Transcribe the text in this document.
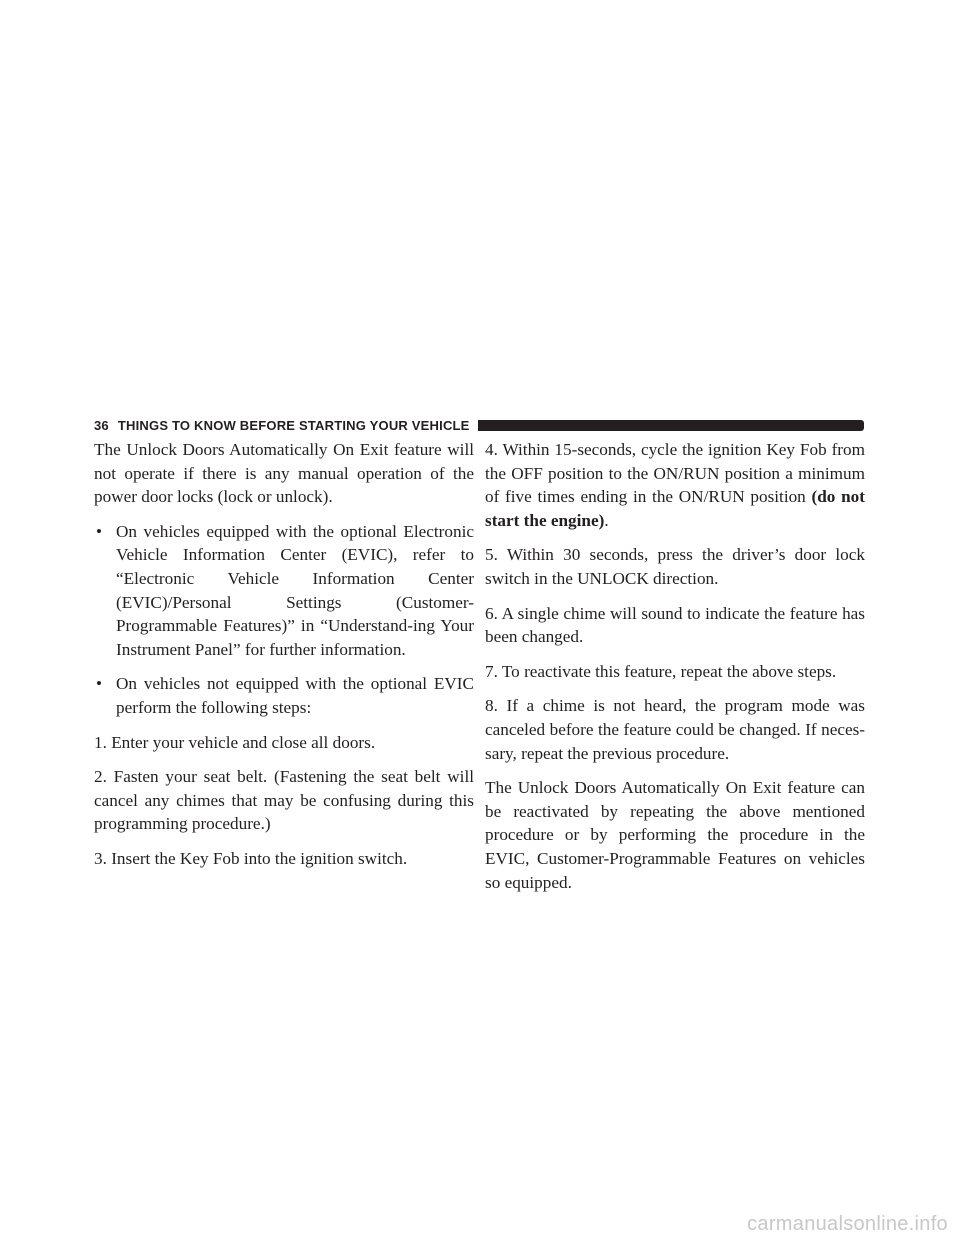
36 THINGS TO KNOW BEFORE STARTING YOUR VEHICLE

The Unlock Doors Automatically On Exit feature will not operate if there is any manual operation of the power door locks (lock or unlock).

• On vehicles equipped with the optional Electronic Vehicle Information Center (EVIC), refer to “Electronic Vehicle Information Center (EVIC)/Personal Settings (Customer-Programmable Features)” in “Understand-ing Your Instrument Panel” for further information.
• On vehicles not equipped with the optional EVIC perform the following steps:

1. Enter your vehicle and close all doors.

2. Fasten your seat belt. (Fastening the seat belt will cancel any chimes that may be confusing during this programming procedure.)

3. Insert the Key Fob into the ignition switch.

4. Within 15-seconds, cycle the ignition Key Fob from the OFF position to the ON/RUN position a minimum of five times ending in the ON/RUN position (do not start the engine).

5. Within 30 seconds, press the driver’s door lock switch in the UNLOCK direction.

6. A single chime will sound to indicate the feature has been changed.

7. To reactivate this feature, repeat the above steps.

8. If a chime is not heard, the program mode was canceled before the feature could be changed. If neces-sary, repeat the previous procedure.

The Unlock Doors Automatically On Exit feature can be reactivated by repeating the above mentioned procedure or by performing the procedure in the EVIC, Customer-Programmable Features on vehicles so equipped.

carmanualsonline.info
